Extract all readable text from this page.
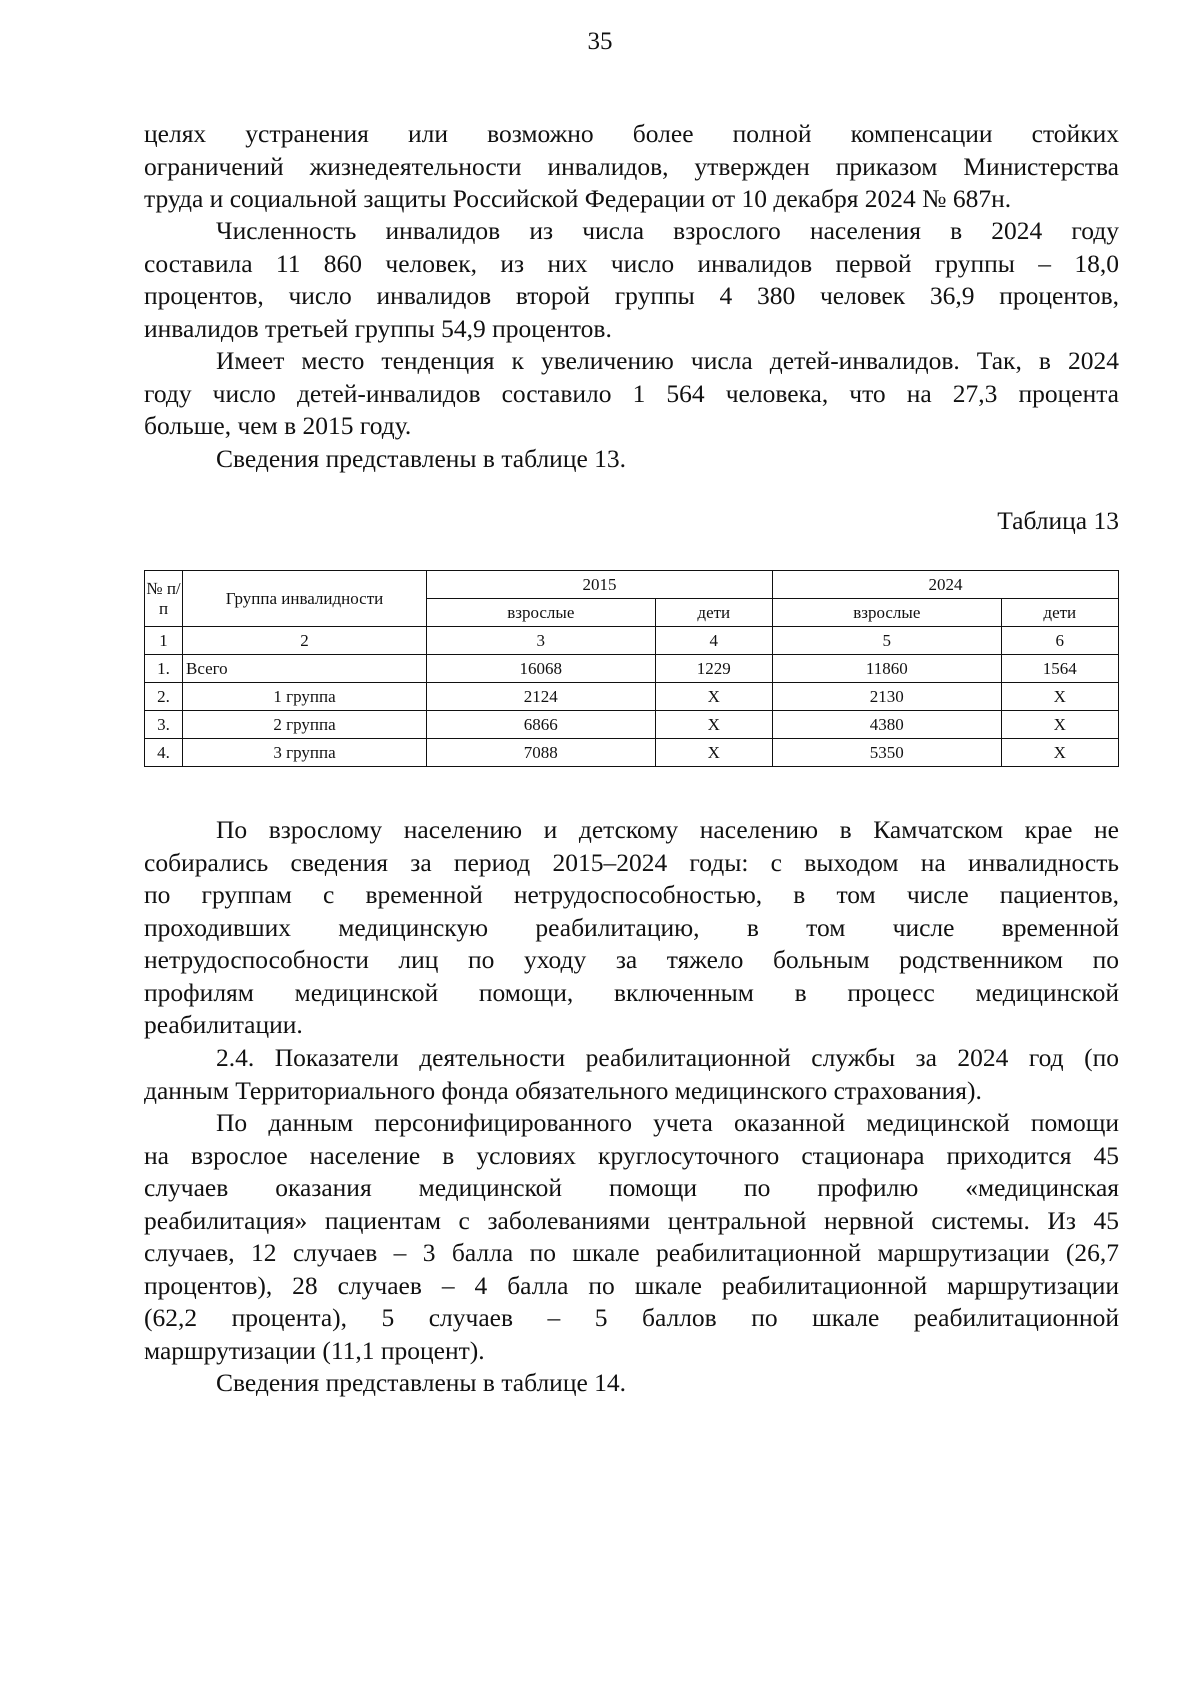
35
целях устранения или возможно более полной компенсации стойких
ограничений жизнедеятельности инвалидов, утвержден приказом Министерства
труда и социальной защиты Российской Федерации от 10 декабря 2024 № 687н.
Численность инвалидов из числа взрослого населения в 2024 году
составила 11 860 человек, из них число инвалидов первой группы – 18,0
процентов, число инвалидов второй группы 4 380 человек 36,9 процентов,
инвалидов третьей группы 54,9 процентов.
Имеет место тенденция к увеличению числа детей-инвалидов. Так, в 2024
году число детей-инвалидов составило 1 564 человека, что на 27,3 процента
больше, чем в 2015 году.
Сведения представлены в таблице 13.
Таблица 13
№ п/п	Группа инвалидности	2015		2024	
		взрослые	дети	взрослые	дети
1	2	3	4	5	6
1.	Всего	16068	1229	11860	1564
2.	1 группа	2124	Х	2130	Х
3.	2 группа	6866	Х	4380	Х
4.	3 группа	7088	Х	5350	Х
По взрослому населению и детскому населению в Камчатском крае не
собирались сведения за период 2015–2024 годы: с выходом на инвалидность
по группам с временной нетрудоспособностью, в том числе пациентов,
проходивших медицинскую реабилитацию, в том числе временной
нетрудоспособности лиц по уходу за тяжело больным родственником по
профилям медицинской помощи, включенным в процесс медицинской
реабилитации.
2.4. Показатели деятельности реабилитационной службы за 2024 год (по
данным Территориального фонда обязательного медицинского страхования).
По данным персонифицированного учета оказанной медицинской помощи
на взрослое население в условиях круглосуточного стационара приходится 45
случаев оказания медицинской помощи по профилю «медицинская
реабилитация» пациентам с заболеваниями центральной нервной системы. Из 45
случаев, 12 случаев – 3 балла по шкале реабилитационной маршрутизации (26,7
процентов), 28 случаев – 4 балла по шкале реабилитационной маршрутизации
(62,2 процента), 5 случаев – 5 баллов по шкале реабилитационной
маршрутизации (11,1 процент).
Сведения представлены в таблице 14.
